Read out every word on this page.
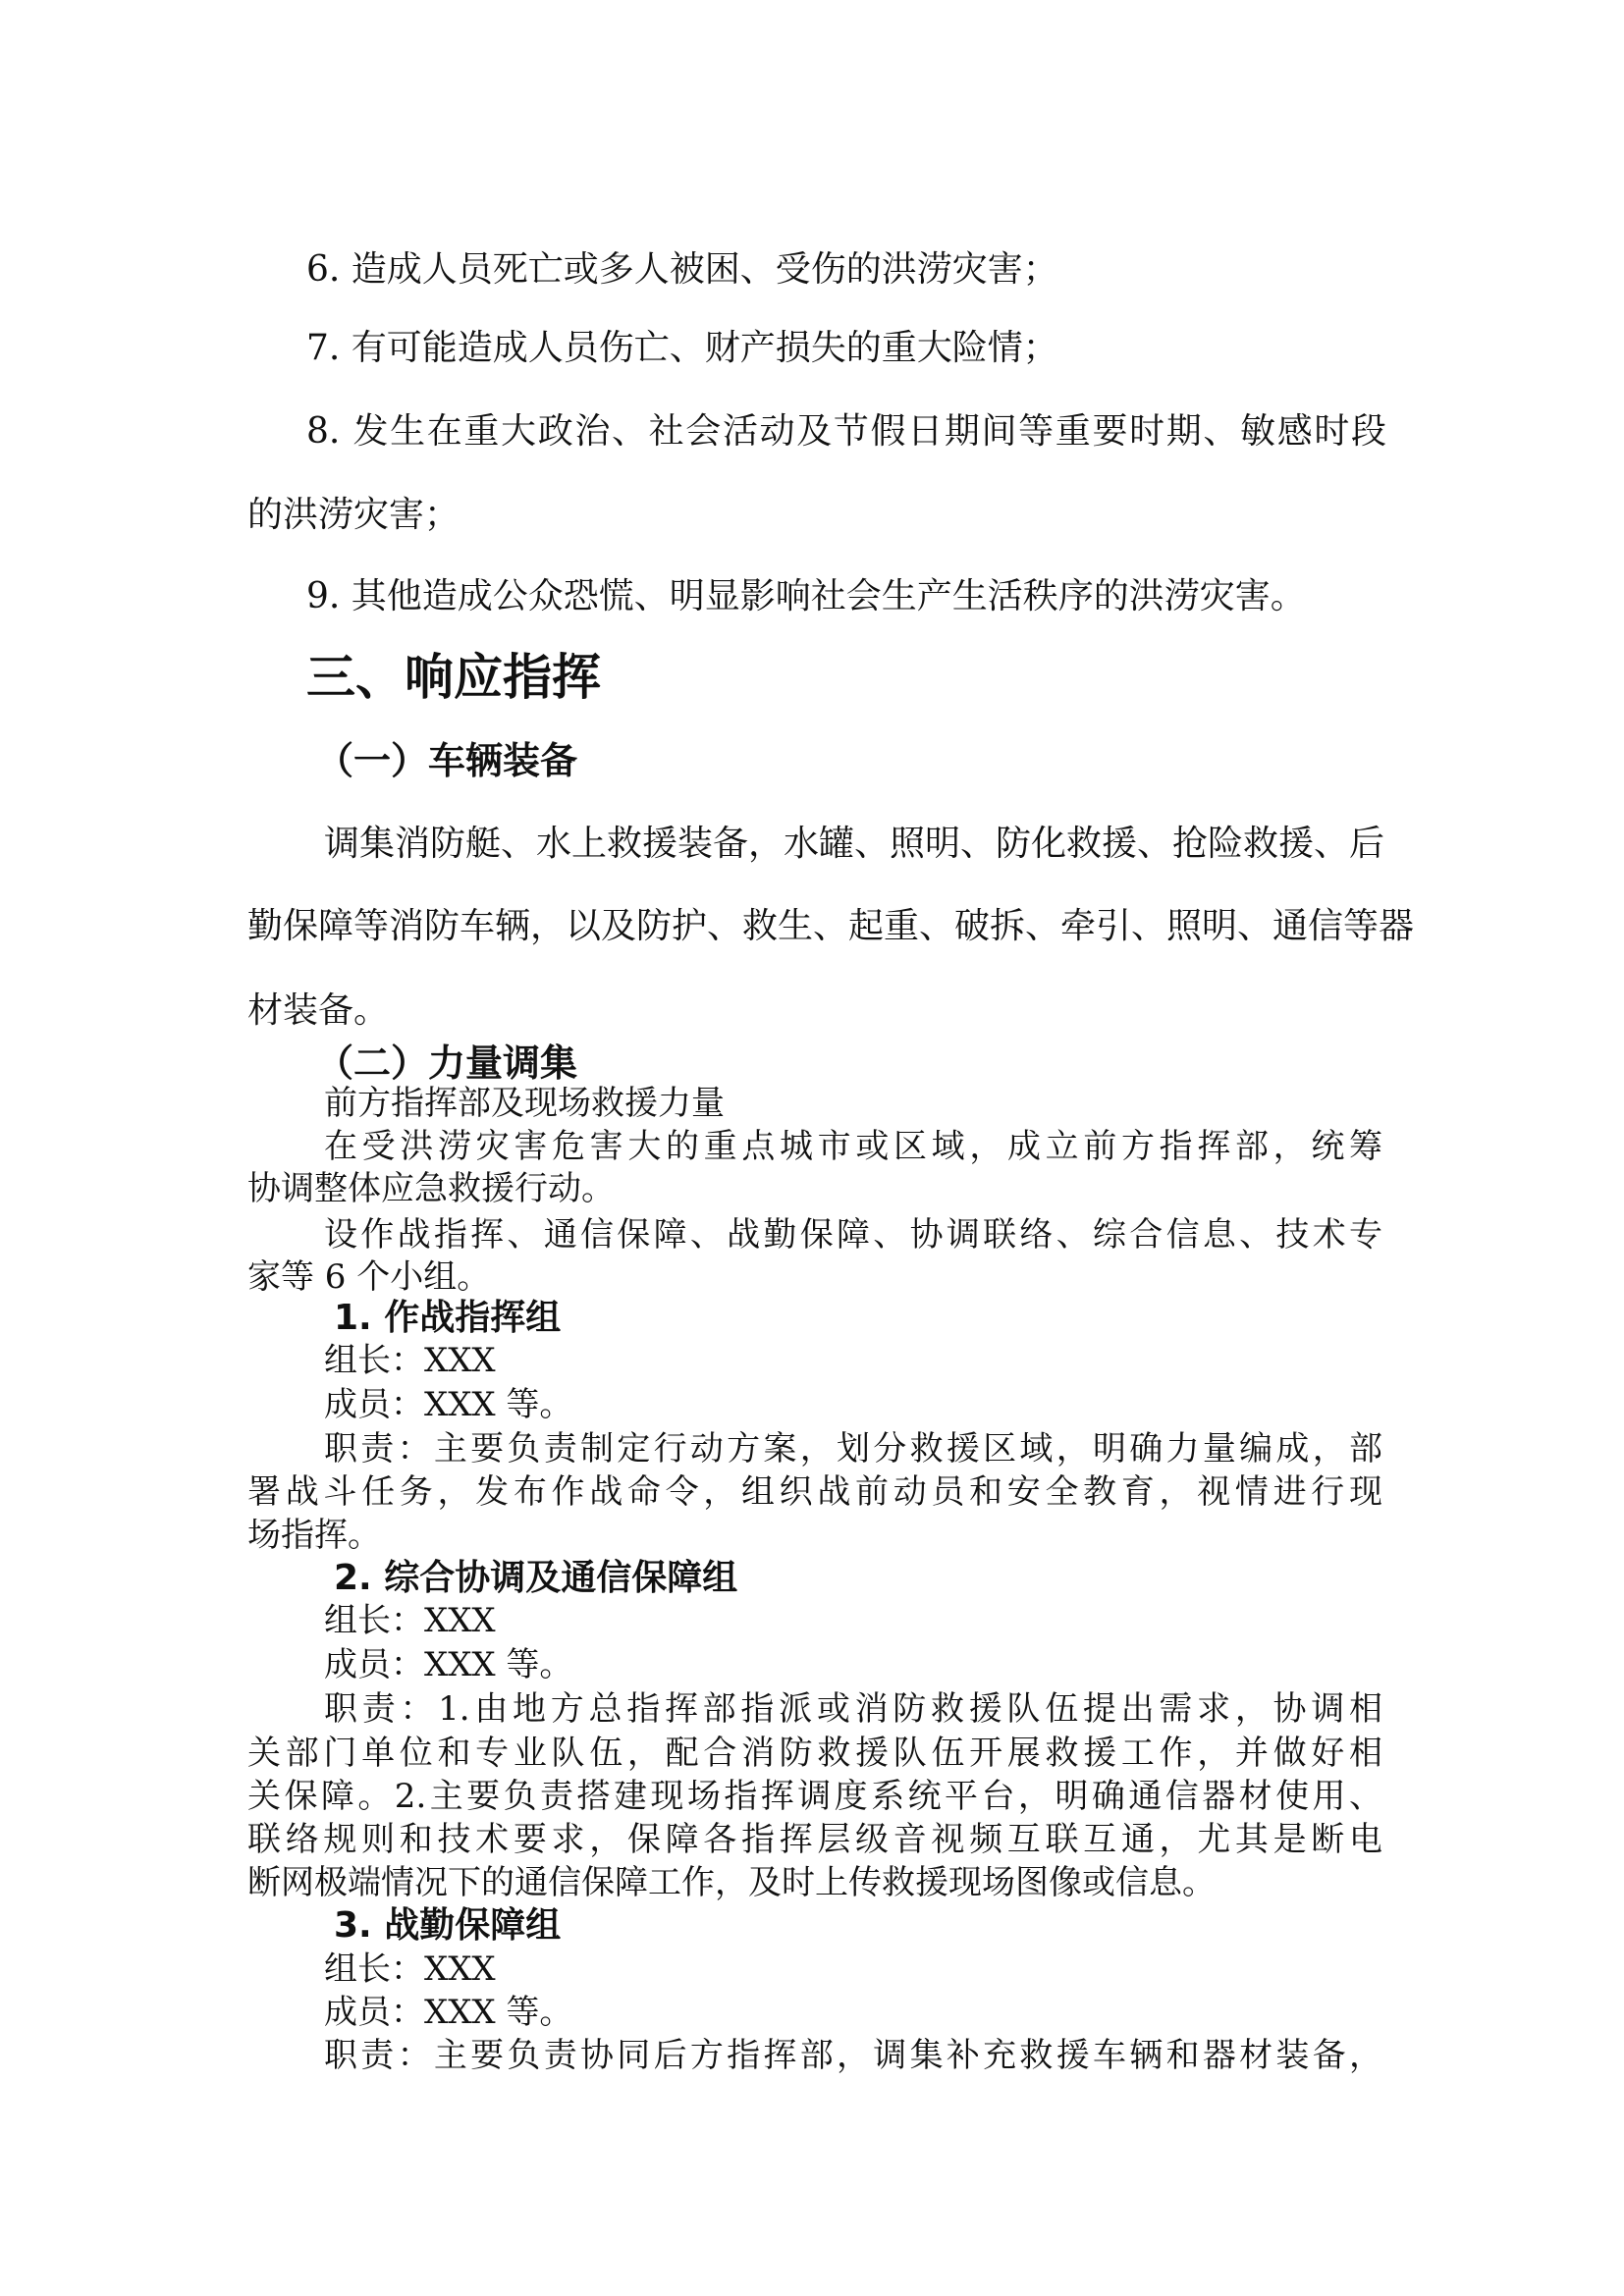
6. 造成人员死亡或多人被困、受伤的洪涝灾害；
7. 有可能造成人员伤亡、财产损失的重大险情；
8. 发生在重大政治、社会活动及节假日期间等重要时期、敏感时段
的洪涝灾害；
9. 其他造成公众恐慌、明显影响社会生产生活秩序的洪涝灾害。
三、响应指挥
（一）车辆装备
调集消防艇、水上救援装备，水罐、照明、防化救援、抢险救援、后
勤保障等消防车辆，以及防护、救生、起重、破拆、牵引、照明、通信等器
材装备。
（二）力量调集
前方指挥部及现场救援力量
在受洪涝灾害危害大的重点城市或区域，成立前方指挥部，统筹
协调整体应急救援行动。
设作战指挥、通信保障、战勤保障、协调联络、综合信息、技术专
家等 6 个小组。
1. 作战指挥组
组长：XXX
成员：XXX 等。
职责：主要负责制定行动方案，划分救援区域，明确力量编成，部
署战斗任务，发布作战命令，组织战前动员和安全教育，视情进行现
场指挥。
2. 综合协调及通信保障组
组长：XXX
成员：XXX 等。
职责：1.由地方总指挥部指派或消防救援队伍提出需求，协调相
关部门单位和专业队伍，配合消防救援队伍开展救援工作，并做好相
关保障。2.主要负责搭建现场指挥调度系统平台，明确通信器材使用、
联络规则和技术要求，保障各指挥层级音视频互联互通，尤其是断电
断网极端情况下的通信保障工作，及时上传救援现场图像或信息。
3. 战勤保障组
组长：XXX
成员：XXX 等。
职责：主要负责协同后方指挥部，调集补充救援车辆和器材装备，
